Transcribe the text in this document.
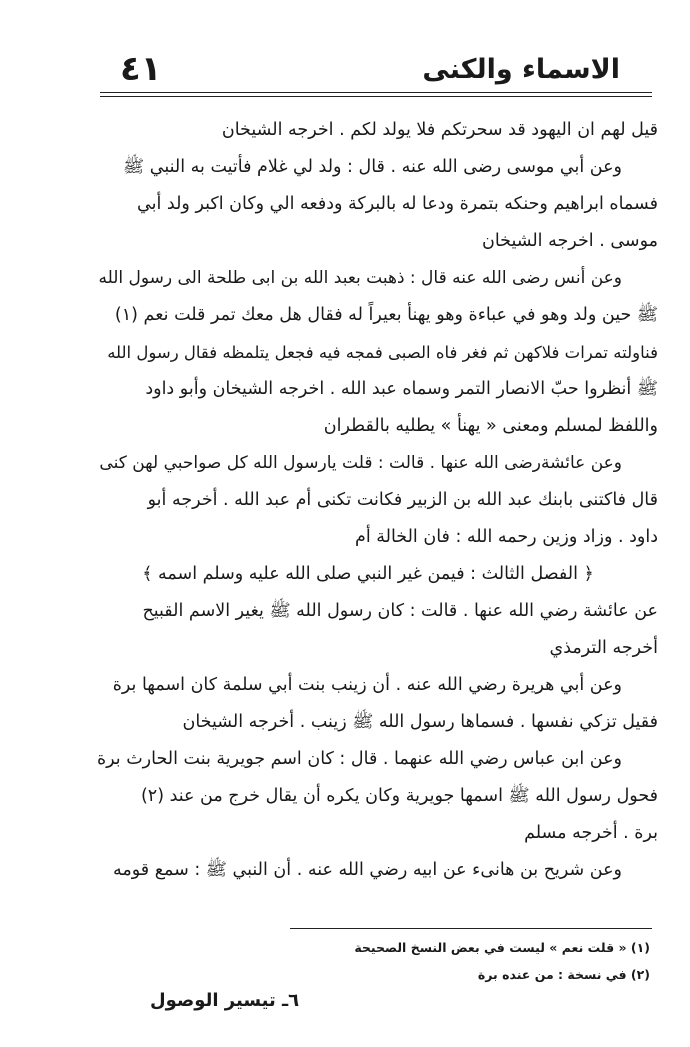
الاسماء والكنى
٤١

قيل لهم ان اليهود قد سحرتكم فلا يولد لكم . اخرجه الشيخان

وعن أبي موسى رضى الله عنه . قال : ولد لي غلام فأتيت به النبي ﷺ

فسماه ابراهيم وحنكه بتمرة ودعا له بالبركة ودفعه الي وكان اكبر ولد أبي

موسى . اخرجه الشيخان

وعن أنس رضى الله عنه قال : ذهبت بعبد الله بن ابى طلحة الى رسول الله

ﷺ حين ولد وهو في عباءة وهو يهنأ بعيراً له فقال هل معك تمر قلت نعم (١)

فناولته تمرات فلاكهن ثم فغر فاه الصبى فمجه فيه فجعل يتلمظه فقال رسول الله

ﷺ أنظروا حبّ الانصار التمر وسماه عبد الله . اخرجه الشيخان وأبو داود

واللفظ لمسلم ومعنى « يهنأ » يطليه بالقطران

وعن عائشةرضى الله عنها . قالت : قلت يارسول الله كل صواحبي لهن كنى

قال فاكتنى بابنك عبد الله بن الزبير فكانت تكنى أم عبد الله . أخرجه أبو

داود . وزاد وزين رحمه الله : فان الخالة أم

﴿ الفصل الثالث : فيمن غير النبي صلى الله عليه وسلم اسمه ﴾

عن عائشة رضي الله عنها . قالت : كان رسول الله ﷺ يغير الاسم القبيح

أخرجه الترمذي

وعن أبي هريرة رضي الله عنه . أن زينب بنت أبي سلمة كان اسمها برة

فقيل تزكي نفسها . فسماها رسول الله ﷺ زينب . أخرجه الشيخان

وعن ابن عباس رضي الله عنهما . قال : كان اسم جويرية بنت الحارث برة

فحول رسول الله ﷺ اسمها جويرية وكان يكره أن يقال خرج من عند (٢)

برة . أخرجه مسلم

وعن شريح بن هانىء عن ابيه رضي الله عنه . أن النبي ﷺ : سمع قومه

(١) « قلت نعم » ليست في بعض النسخ الصحيحة

(٢) في نسخة : من عنده برة

٦ـ تيسير الوصول
